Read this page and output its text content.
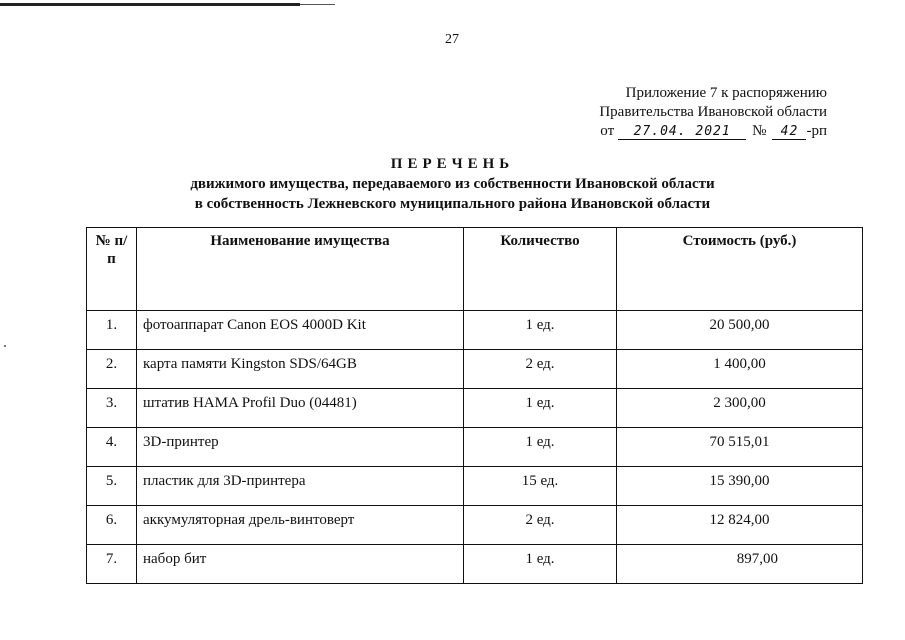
27
Приложение 7 к распоряжению
Правительства Ивановской области
от	27.04. 2021	№	42 -рп
ПЕРЕЧЕНЬ
движимого имущества, передаваемого из собственности Ивановской области
в собственность Лежневского муниципального района Ивановской области
№ п/п	Наименование имущества	Количество	Стоимость (руб.)
1.	фотоаппарат Canon EOS 4000D Kit	1 ед.	20 500,00
2.	карта памяти Kingston SDS/64GB	2 ед.	1 400,00
3.	штатив HAMA Profil Duo (04481)	1 ед.	2 300,00
4.	3D-принтер	1 ед.	70 515,01
5.	пластик для 3D-принтера	15 ед.	15 390,00
6.	аккумуляторная дрель-винтоверт	2 ед.	12 824,00
7.	набор бит	1 ед.	897,00
